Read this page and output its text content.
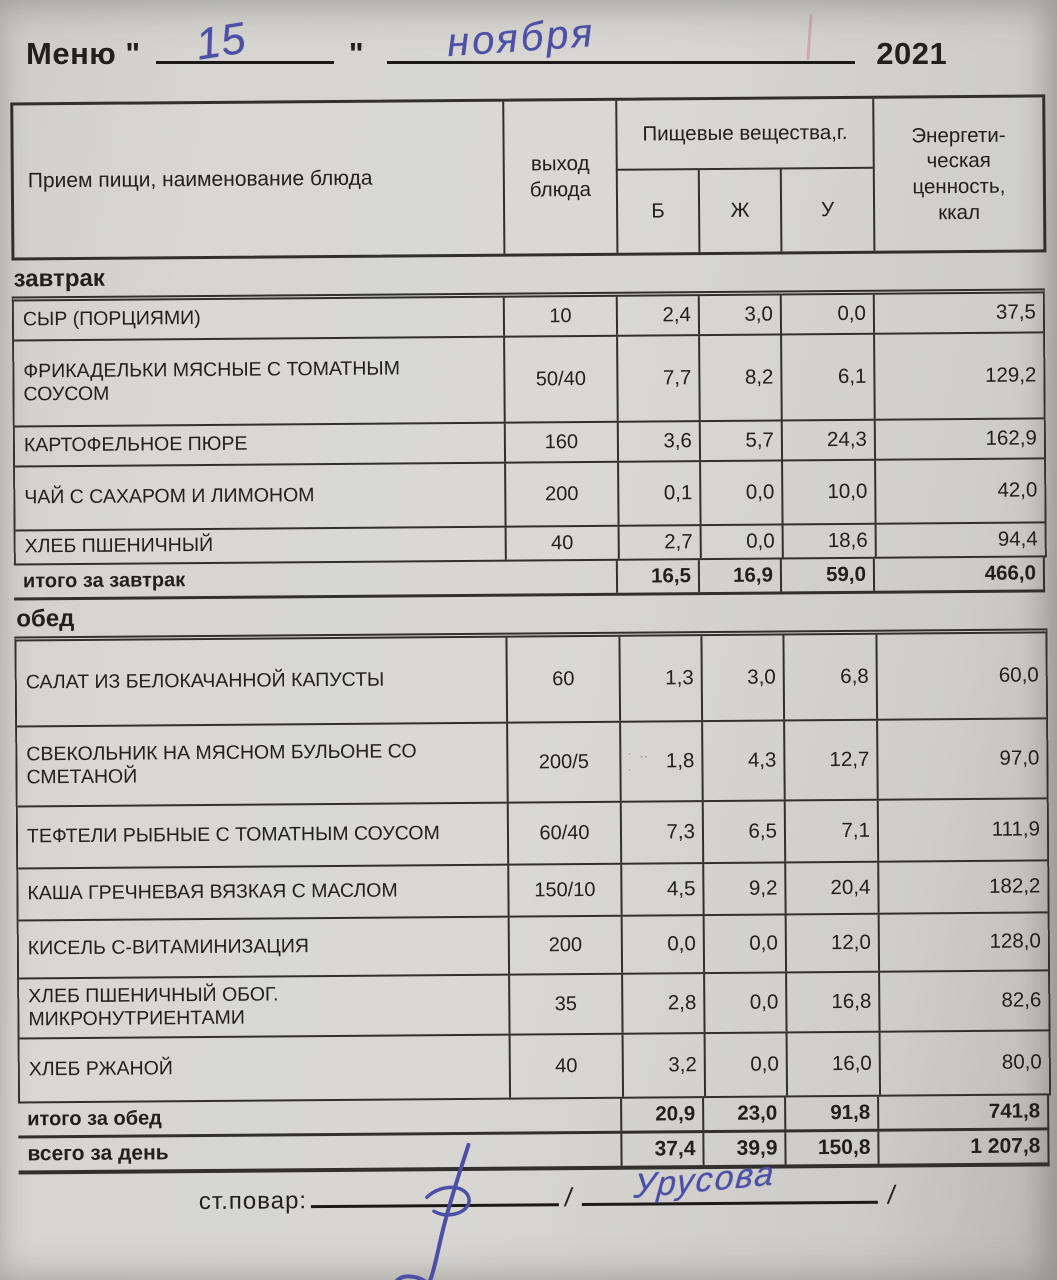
Меню " 15	" ноября	2021
Прием пищи, наименование блюда
выход блюда
Пищевые вещества,г.
Б	Ж	У
Энергети-ческая ценность, ккал
завтрак
СЫР (ПОРЦИЯМИ)	10	2,4	3,0	0,0	37,5
ФРИКАДЕЛЬКИ МЯСНЫЕ С ТОМАТНЫМ СОУСОМ
50/40	7,7	8,2	6,1	129,2
КАРТОФЕЛЬНОЕ ПЮРЕ	160	3,6	5,7	24,3	162,9
ЧАЙ С САХАРОМ И ЛИМОНОМ	200	0,1	0,0	10,0	42,0
ХЛЕБ ПШЕНИЧНЫЙ	40	2,7	0,0	18,6	94,4

итого за завтрак	16,5	16,9	59,0	466,0
обед
САЛАТ ИЗ БЕЛОКАЧАННОЙ КАПУСТЫ	60	1,3	3,0	6,8	60,0
СВЕКОЛЬНИК НА МЯСНОМ БУЛЬОНЕ СО СМЕТАНОЙ
200/5	· ‥· 1,8	4,3	12,7	97,0
ТЕФТЕЛИ РЫБНЫЕ С ТОМАТНЫМ СОУСОМ	60/40	7,3	6,5	7,1	111,9
КАША ГРЕЧНЕВАЯ ВЯЗКАЯ С МАСЛОМ	150/10	4,5	9,2	20,4	182,2
КИСЕЛЬ С-ВИТАМИНИЗАЦИЯ	200	0,0	0,0	12,0	128,0
ХЛЕБ ПШЕНИЧНЫЙ ОБОГ. МИКРОНУТРИЕНТАМИ
35	2,8	0,0	16,8	82,6
ХЛЕБ РЖАНОЙ	40	3,2	0,0	16,0	80,0

итого за обед	20,9	23,0	91,8	741,8
всего за день	37,4	39,9	150,8	1 207,8
ст.повар:	/ Урусова	/
